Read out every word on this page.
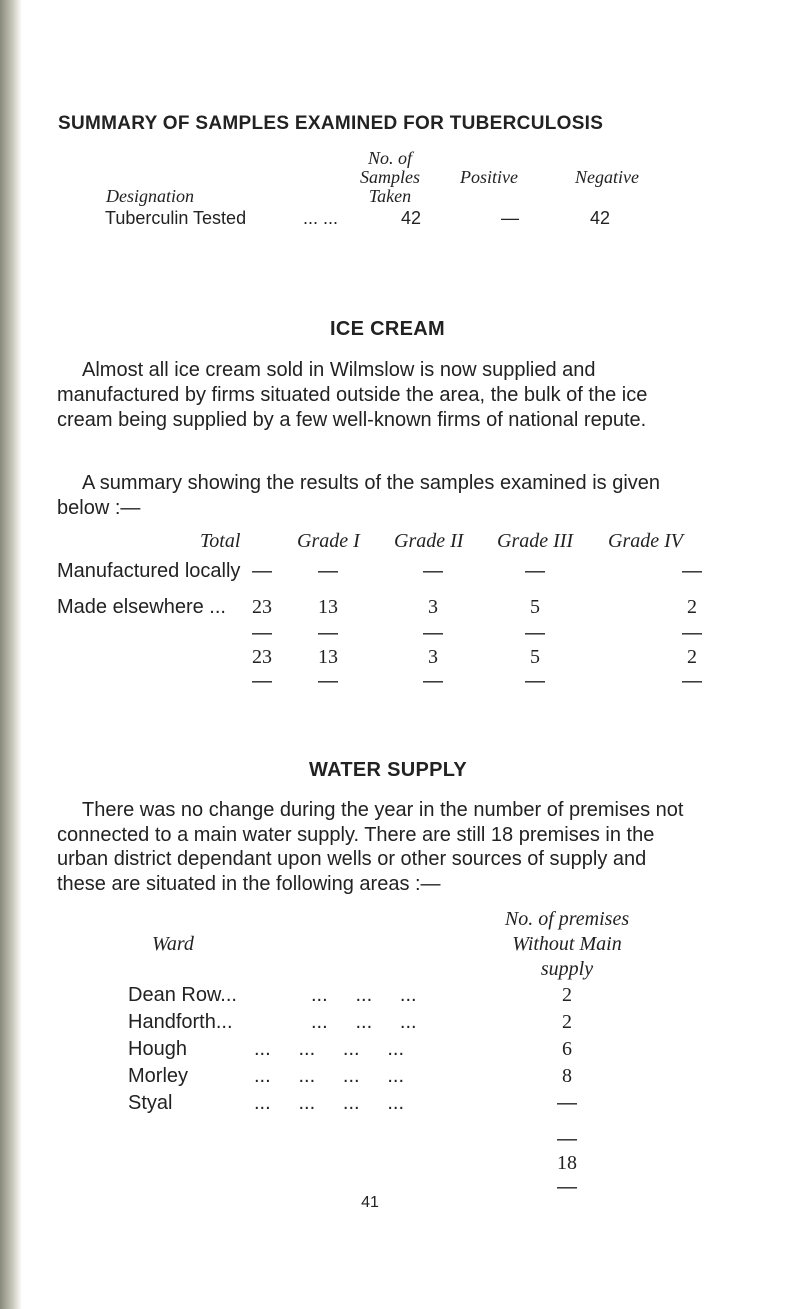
SUMMARY OF SAMPLES EXAMINED FOR TUBERCULOSIS
No. of
Samples
Taken
Positive	Negative
Designation
Tuberculin Tested	... ...	42	—	42
ICE CREAM
Almost all ice cream sold in Wilmslow is now supplied and manufactured by firms situated outside the area, the bulk of the ice cream being supplied by a few well-known firms of national repute.
A summary showing the results of the samples examined is given below :—
Total	Grade I Grade II Grade III Grade IV
Manufactured locally —	—	—	—	—
Made elsewhere ...	23	13	3	5	2
—	—	—	—	—
23	13	3	5	2
—	—	—	—	—
WATER SUPPLY
There was no change during the year in the number of premises not connected to a main water supply. There are still 18 premises in the urban district dependant upon wells or other sources of supply and these are situated in the following areas :—
Ward
No. of premises
Without Main
supply
Dean Row...	...     ...     ...	2
Handforth...	...     ...     ...	2
Hough	...     ...     ...     ...	6
Morley	...     ...     ...     ...	8
Styal	...     ...     ...     ...	—
—
18
—
41
